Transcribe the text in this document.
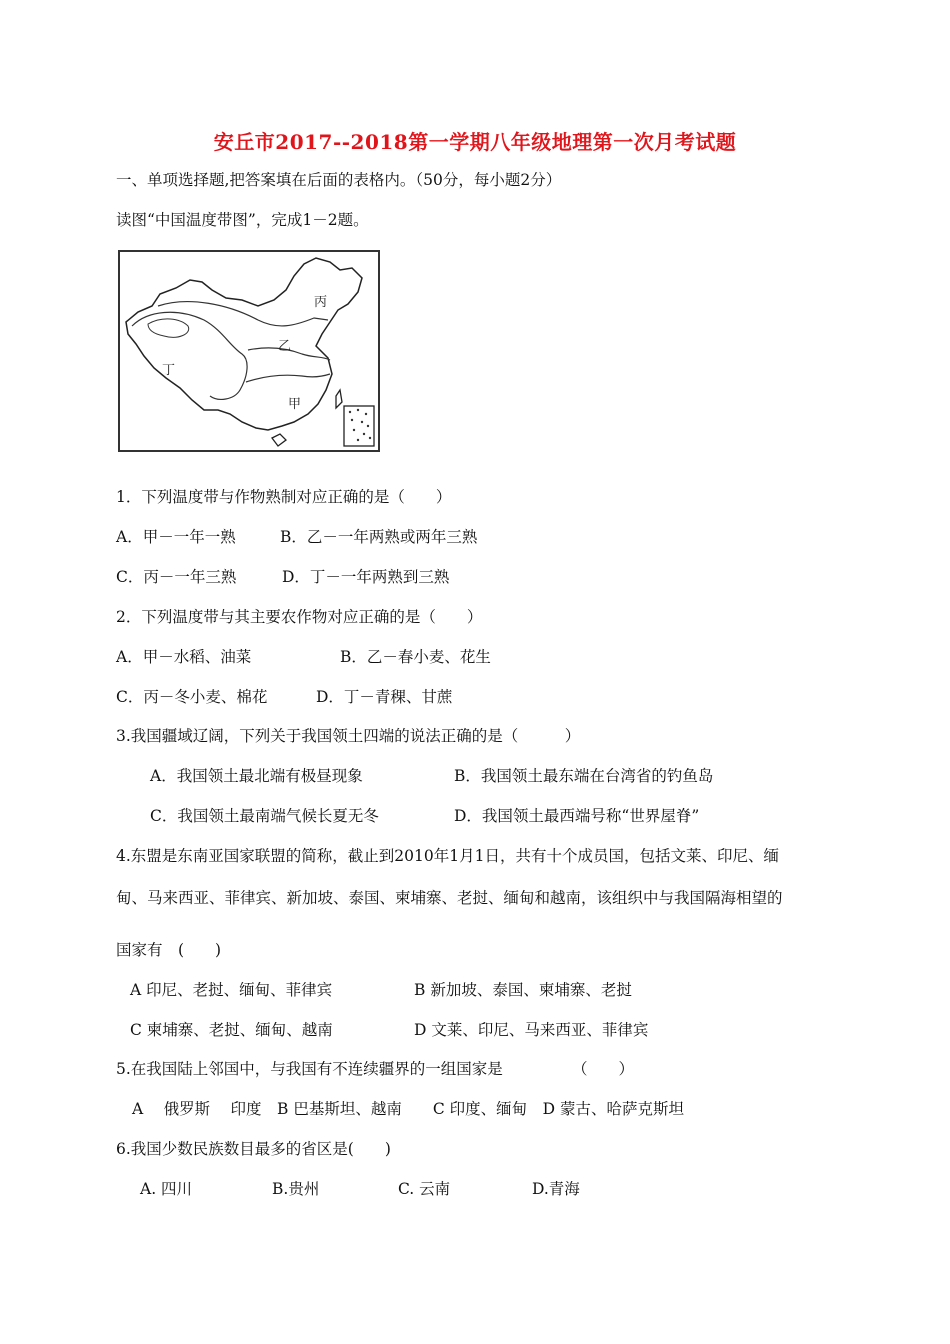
安丘市2017--2018第一学期八年级地理第一次月考试题
一、单项选择题,把答案填在后面的表格内。（50分，每小题2分）
读图“中国温度带图”，完成1－2题。
丙
乙
丁
甲
1．下列温度带与作物熟制对应正确的是（　　）
A．甲－一年一熟	B．乙－一年两熟或两年三熟
C．丙－一年三熟	D．丁－一年两熟到三熟
2．下列温度带与其主要农作物对应正确的是（　　）
A．甲－水稻、油菜	B．乙－春小麦、花生
C．丙－冬小麦、棉花	D．丁－青稞、甘蔗
3.我国疆域辽阔，下列关于我国领土四端的说法正确的是（　　　）
A．我国领土最北端有极昼现象	B．我国领土最东端在台湾省的钓鱼岛
C．我国领土最南端气候长夏无冬	D．我国领土最西端号称“世界屋脊”
4.东盟是东南亚国家联盟的简称，截止到2010年1月1日，共有十个成员国，包括文莱、印尼、缅
甸、马来西亚、菲律宾、新加坡、泰国、柬埔寨、老挝、缅甸和越南，该组织中与我国隔海相望的
国家有　(　　)
A 印尼、老挝、缅甸、菲律宾	B 新加坡、泰国、柬埔寨、老挝
C 柬埔寨、老挝、缅甸、越南	D 文莱、印尼、马来西亚、菲律宾
5.在我国陆上邻国中，与我国有不连续疆界的一组国家是	（　　）
A　 俄罗斯　 印度　B 巴基斯坦、越南　　C 印度、缅甸　D 蒙古、哈萨克斯坦
6.我国少数民族数目最多的省区是(　　)
A. 四川	B.贵州	C. 云南	D.青海
